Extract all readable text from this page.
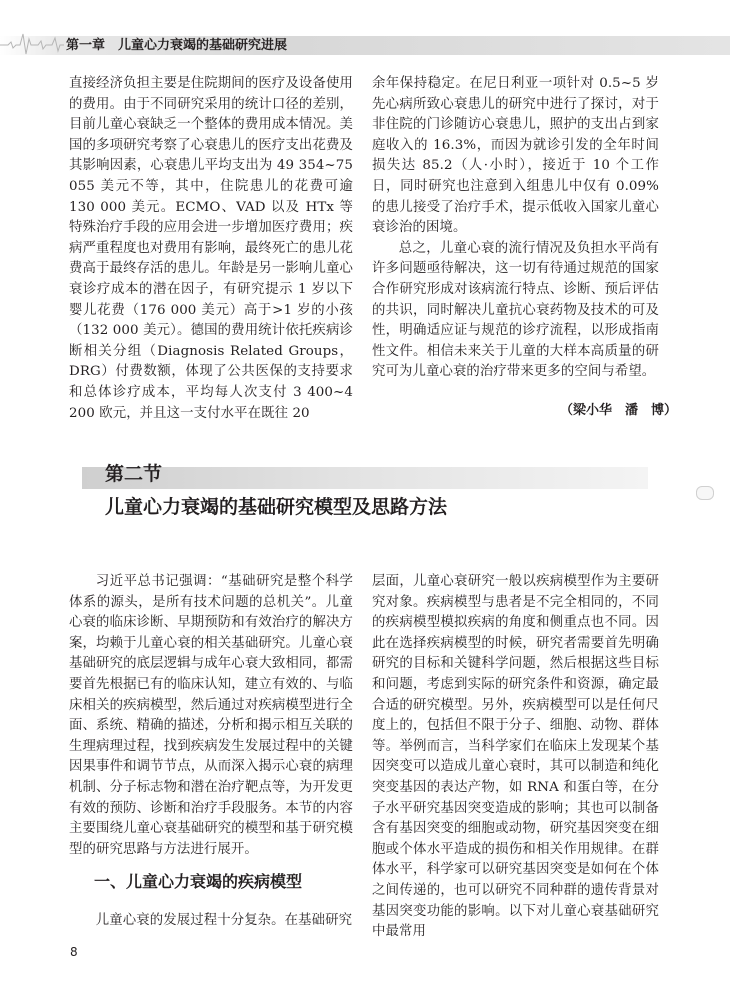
第一章　儿童心力衰竭的基础研究进展

直接经济负担主要是住院期间的医疗及设备使用的费用。由于不同研究采用的统计口径的差别，目前儿童心衰缺乏一个整体的费用成本情况。美国的多项研究考察了心衰患儿的医疗支出花费及其影响因素，心衰患儿平均支出为 49 354~75 055 美元不等，其中，住院患儿的花费可逾 130 000 美元。ECMO、VAD 以及 HTx 等特殊治疗手段的应用会进一步增加医疗费用；疾病严重程度也对费用有影响，最终死亡的患儿花费高于最终存活的患儿。年龄是另一影响儿童心衰诊疗成本的潜在因子，有研究提示 1 岁以下婴儿花费（176 000 美元）高于>1 岁的小孩（132 000 美元）。德国的费用统计依托疾病诊断相关分组（Diagnosis Related Groups，DRG）付费数额，体现了公共医保的支持要求和总体诊疗成本，平均每人次支付 3 400~4 200 欧元，并且这一支付水平在既往 20

余年保持稳定。在尼日利亚一项针对 0.5~5 岁先心病所致心衰患儿的研究中进行了探讨，对于非住院的门诊随访心衰患儿，照护的支出占到家庭收入的 16.3%，而因为就诊引发的全年时间损失达 85.2（人·小时），接近于 10 个工作日，同时研究也注意到入组患儿中仅有 0.09% 的患儿接受了治疗手术，提示低收入国家儿童心衰诊治的困境。

总之，儿童心衰的流行情况及负担水平尚有许多问题亟待解决，这一切有待通过规范的国家合作研究形成对该病流行特点、诊断、预后评估的共识，同时解决儿童抗心衰药物及技术的可及性，明确适应证与规范的诊疗流程，以形成指南性文件。相信未来关于儿童的大样本高质量的研究可为儿童心衰的治疗带来更多的空间与希望。

（梁小华　潘　博）
第二节
儿童心力衰竭的基础研究模型及思路方法

习近平总书记强调：“基础研究是整个科学体系的源头，是所有技术问题的总机关”。儿童心衰的临床诊断、早期预防和有效治疗的解决方案，均赖于儿童心衰的相关基础研究。儿童心衰基础研究的底层逻辑与成年心衰大致相同，都需要首先根据已有的临床认知，建立有效的、与临床相关的疾病模型，然后通过对疾病模型进行全面、系统、精确的描述，分析和揭示相互关联的生理病理过程，找到疾病发生发展过程中的关键因果事件和调节节点，从而深入揭示心衰的病理机制、分子标志物和潜在治疗靶点等，为开发更有效的预防、诊断和治疗手段服务。本节的内容主要围绕儿童心衰基础研究的模型和基于研究模型的研究思路与方法进行展开。

一、儿童心力衰竭的疾病模型

儿童心衰的发展过程十分复杂。在基础研究

层面，儿童心衰研究一般以疾病模型作为主要研究对象。疾病模型与患者是不完全相同的，不同的疾病模型模拟疾病的角度和侧重点也不同。因此在选择疾病模型的时候，研究者需要首先明确研究的目标和关键科学问题，然后根据这些目标和问题，考虑到实际的研究条件和资源，确定最合适的研究模型。另外，疾病模型可以是任何尺度上的，包括但不限于分子、细胞、动物、群体等。举例而言，当科学家们在临床上发现某个基因突变可以造成儿童心衰时，其可以制造和纯化突变基因的表达产物，如 RNA 和蛋白等，在分子水平研究基因突变造成的影响；其也可以制备含有基因突变的细胞或动物，研究基因突变在细胞或个体水平造成的损伤和相关作用规律。在群体水平，科学家可以研究基因突变是如何在个体之间传递的，也可以研究不同种群的遗传背景对基因突变功能的影响。以下对儿童心衰基础研究中最常用

8
